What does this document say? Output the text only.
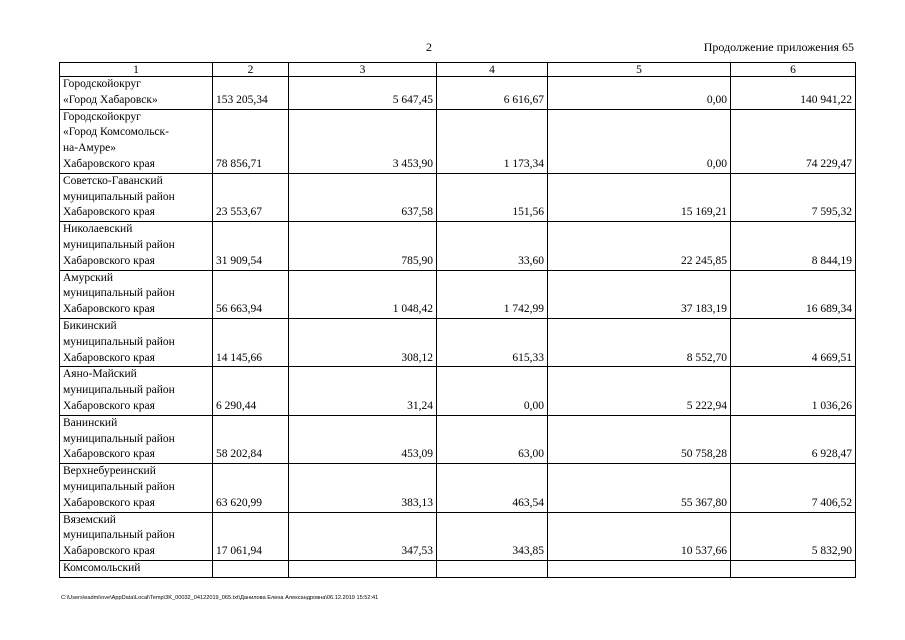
2	Продолжение приложения 65
1	2	3	4	5	6

Городскойокруг
«Город Хабаровск»	153 205,34	5 647,45	6 616,67	0,00	140 941,22

Городскойокруг
«Город Комсомольск-
на-Амуре»
Хабаровского края	78 856,71	3 453,90	1 173,34	0,00	74 229,47

Советско-Гаванский
муниципальный район
Хабаровского края	23 553,67	637,58	151,56	15 169,21	7 595,32

Николаевский
муниципальный район
Хабаровского края	31 909,54	785,90	33,60	22 245,85	8 844,19

Амурский
муниципальный район
Хабаровского края	56 663,94	1 048,42	1 742,99	37 183,19	16 689,34

Бикинский
муниципальный район
Хабаровского края	14 145,66	308,12	615,33	8 552,70	4 669,51

Аяно-Майский
муниципальный район
Хабаровского края	6 290,44	31,24	0,00	5 222,94	1 036,26

Ванинский
муниципальный район
Хабаровского края	58 202,84	453,09	63,00	50 758,28	6 928,47

Верхнебуреинский
муниципальный район
Хабаровского края	63 620,99	383,13	463,54	55 367,80	7 406,52

Вяземский
муниципальный район
Хабаровского края	17 061,94	347,53	343,85	10 537,66	5 832,90

Комсомольский					

C:\Users\eadmi\ove\AppData\Local\Temp\3K_00032_04122019_065.txt\Данилова Елена Александровна\06.12.2019 15:52:41
